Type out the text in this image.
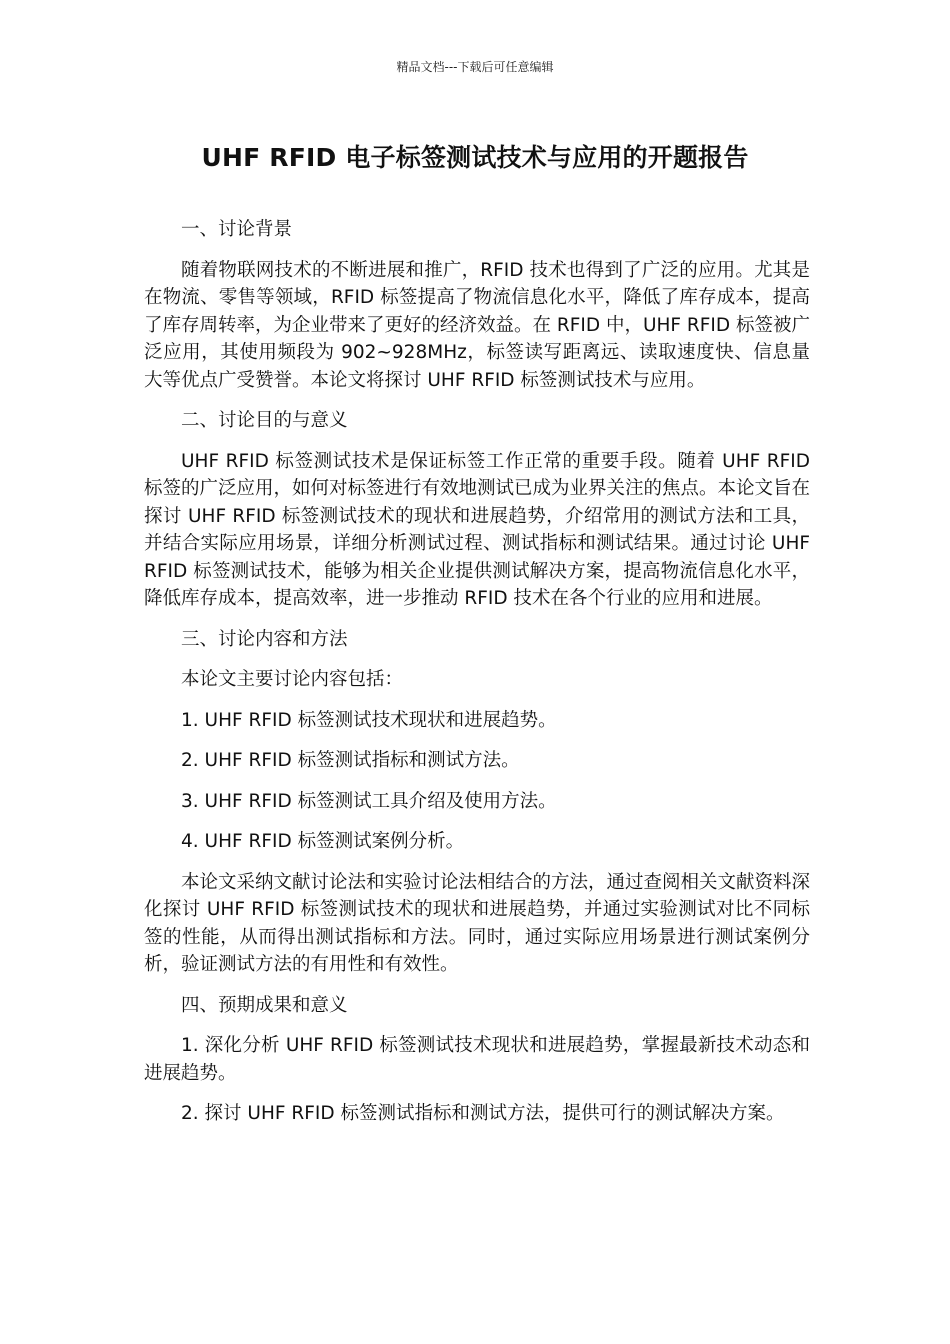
精品文档---下载后可任意编辑
UHF RFID 电子标签测试技术与应用的开题报告
一、讨论背景
随着物联网技术的不断进展和推广，RFID 技术也得到了广泛的应用。尤其是在物流、零售等领域，RFID 标签提高了物流信息化水平，降低了库存成本，提高了库存周转率，为企业带来了更好的经济效益。在 RFID 中，UHF RFID 标签被广泛应用，其使用频段为 902~928MHz，标签读写距离远、读取速度快、信息量大等优点广受赞誉。本论文将探讨 UHF RFID 标签测试技术与应用。
二、讨论目的与意义
UHF RFID 标签测试技术是保证标签工作正常的重要手段。随着 UHF RFID 标签的广泛应用，如何对标签进行有效地测试已成为业界关注的焦点。本论文旨在探讨 UHF RFID 标签测试技术的现状和进展趋势，介绍常用的测试方法和工具，并结合实际应用场景，详细分析测试过程、测试指标和测试结果。通过讨论 UHF RFID 标签测试技术，能够为相关企业提供测试解决方案，提高物流信息化水平，降低库存成本，提高效率，进一步推动 RFID 技术在各个行业的应用和进展。
三、讨论内容和方法
本论文主要讨论内容包括：
1. UHF RFID 标签测试技术现状和进展趋势。
2. UHF RFID 标签测试指标和测试方法。
3. UHF RFID 标签测试工具介绍及使用方法。
4. UHF RFID 标签测试案例分析。
本论文采纳文献讨论法和实验讨论法相结合的方法，通过查阅相关文献资料深化探讨 UHF RFID 标签测试技术的现状和进展趋势，并通过实验测试对比不同标签的性能，从而得出测试指标和方法。同时，通过实际应用场景进行测试案例分析，验证测试方法的有用性和有效性。
四、预期成果和意义
1. 深化分析 UHF RFID 标签测试技术现状和进展趋势，掌握最新技术动态和进展趋势。
2. 探讨 UHF RFID 标签测试指标和测试方法，提供可行的测试解决方案。
